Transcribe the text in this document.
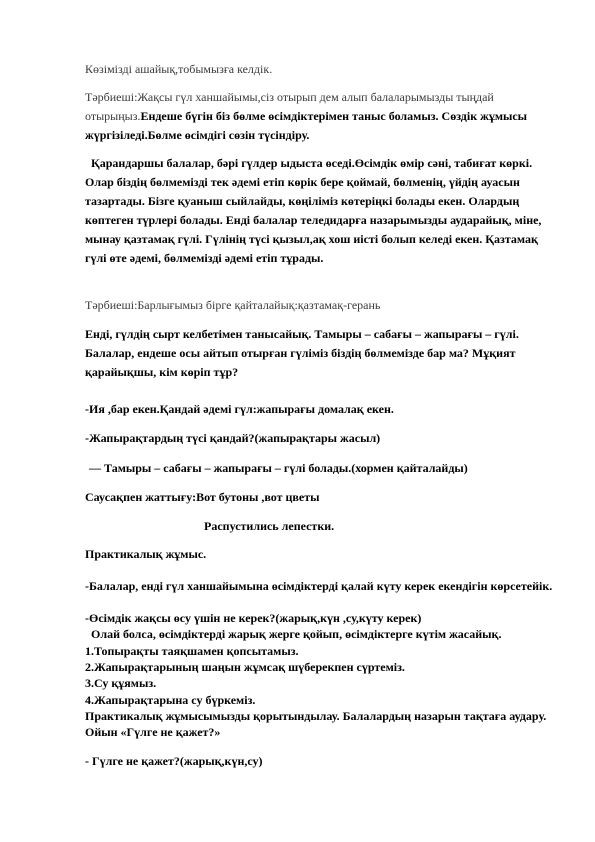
Көзімізді ашайық,тобымызға келдік.

Тәрбиеші:Жақсы гүл ханшайымы,сіз отырып дем алып балаларымызды тыңдай отырыңыз.Ендеше бүгін біз бөлме өсімдіктерімен таныс боламыз. Сөздік жұмысы жүргізіледі.Бөлме өсімдігі сөзін түсіндіру.

Қарандаршы балалар, бәрі гүлдер ыдыста өседі.Өсімдік өмір сәні, табиғат көркі. Олар біздің бөлмемізді тек әдемі етіп көрік бере қоймай, бөлменің, үйдің ауасын тазартады. Бізге қуаныш сыйлайды, көңіліміз көтеріңкі болады екен. Олардың көптеген түрлері болады. Енді балалар теледидарға назарымызды аударайық, міне, мынау қазтамақ гүлі. Гүлінің түсі қызыл,ақ хош иісті болып келеді екен. Қазтамақ гүлі өте әдемі, бөлмемізді әдемі етіп тұрады.

Тәрбиеші:Барлығымыз бірге қайталайық:қазтамақ-герань

Енді, гүлдің сырт келбетімен танысайық. Тамыры – сабағы – жапырағы – гүлі. Балалар, ендеше осы айтып отырған гүліміз біздің бөлмемізде бар ма? Мұқият қарайықшы, кім көріп тұр?

-Ия ,бар екен.Қандай әдемі гүл:жапырағы домалақ екен.

-Жапырақтардың түсі қандай?(жапырақтары жасыл)

— Тамыры – сабағы – жапырағы – гүлі болады.(хормен қайталайды)

Саусақпен жаттығу:Вот бутоны ,вот цветы

Распустились лепестки.

Практикалық жұмыс.

-Балалар, енді гүл ханшайымына өсімдіктерді қалай күту керек екендігін көрсетейік.

-Өсімдік жақсы өсу үшін не керек?(жарық,күн ,су,күту керек)

Олай болса, өсімдіктерді жарық жерге қойып, өсімдіктерге күтім жасайық.

1.Топырақты таяқшамен қопсытамыз.

2.Жапырақтарының шаңын жұмсақ шүберекпен сүртеміз.

3.Су құямыз.

4.Жапырақтарына су бүркеміз.

Практикалық жұмысымызды қорытындылау. Балалардың назарын тақтаға аудару. Ойын «Гүлге не қажет?»

- Гүлге не қажет?(жарық,күн,су)
